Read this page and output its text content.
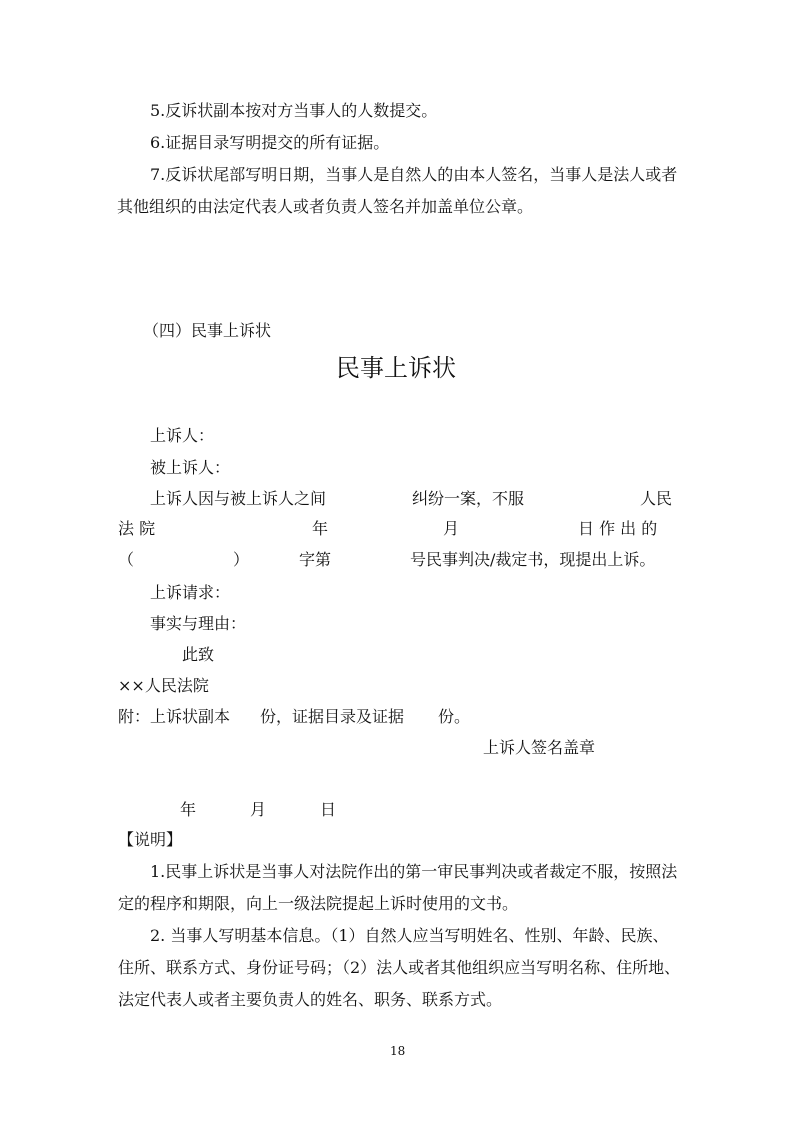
5.反诉状副本按对方当事人的人数提交。
6.证据目录写明提交的所有证据。
7.反诉状尾部写明日期，当事人是自然人的由本人签名，当事人是法人或者
其他组织的由法定代表人或者负责人签名并加盖单位公章。
（四）民事上诉状
民事上诉状
上诉人：
被上诉人：
上诉人因与被上诉人之间	纠纷一案，不服	人民
法 院	年	月	日 作 出 的
（	）	字第	号民事判决/裁定书，现提出上诉。
上诉请求：
事实与理由：
此致
××人民法院
附：上诉状副本 份，证据目录及证据 份。
上诉人签名盖章
年	月	日
【说明】
1.民事上诉状是当事人对法院作出的第一审民事判决或者裁定不服，按照法
定的程序和期限，向上一级法院提起上诉时使用的文书。
2. 当事人写明基本信息。（1）自然人应当写明姓名、性别、年龄、民族、
住所、联系方式、身份证号码；（2）法人或者其他组织应当写明名称、住所地、
法定代表人或者主要负责人的姓名、职务、联系方式。
18
